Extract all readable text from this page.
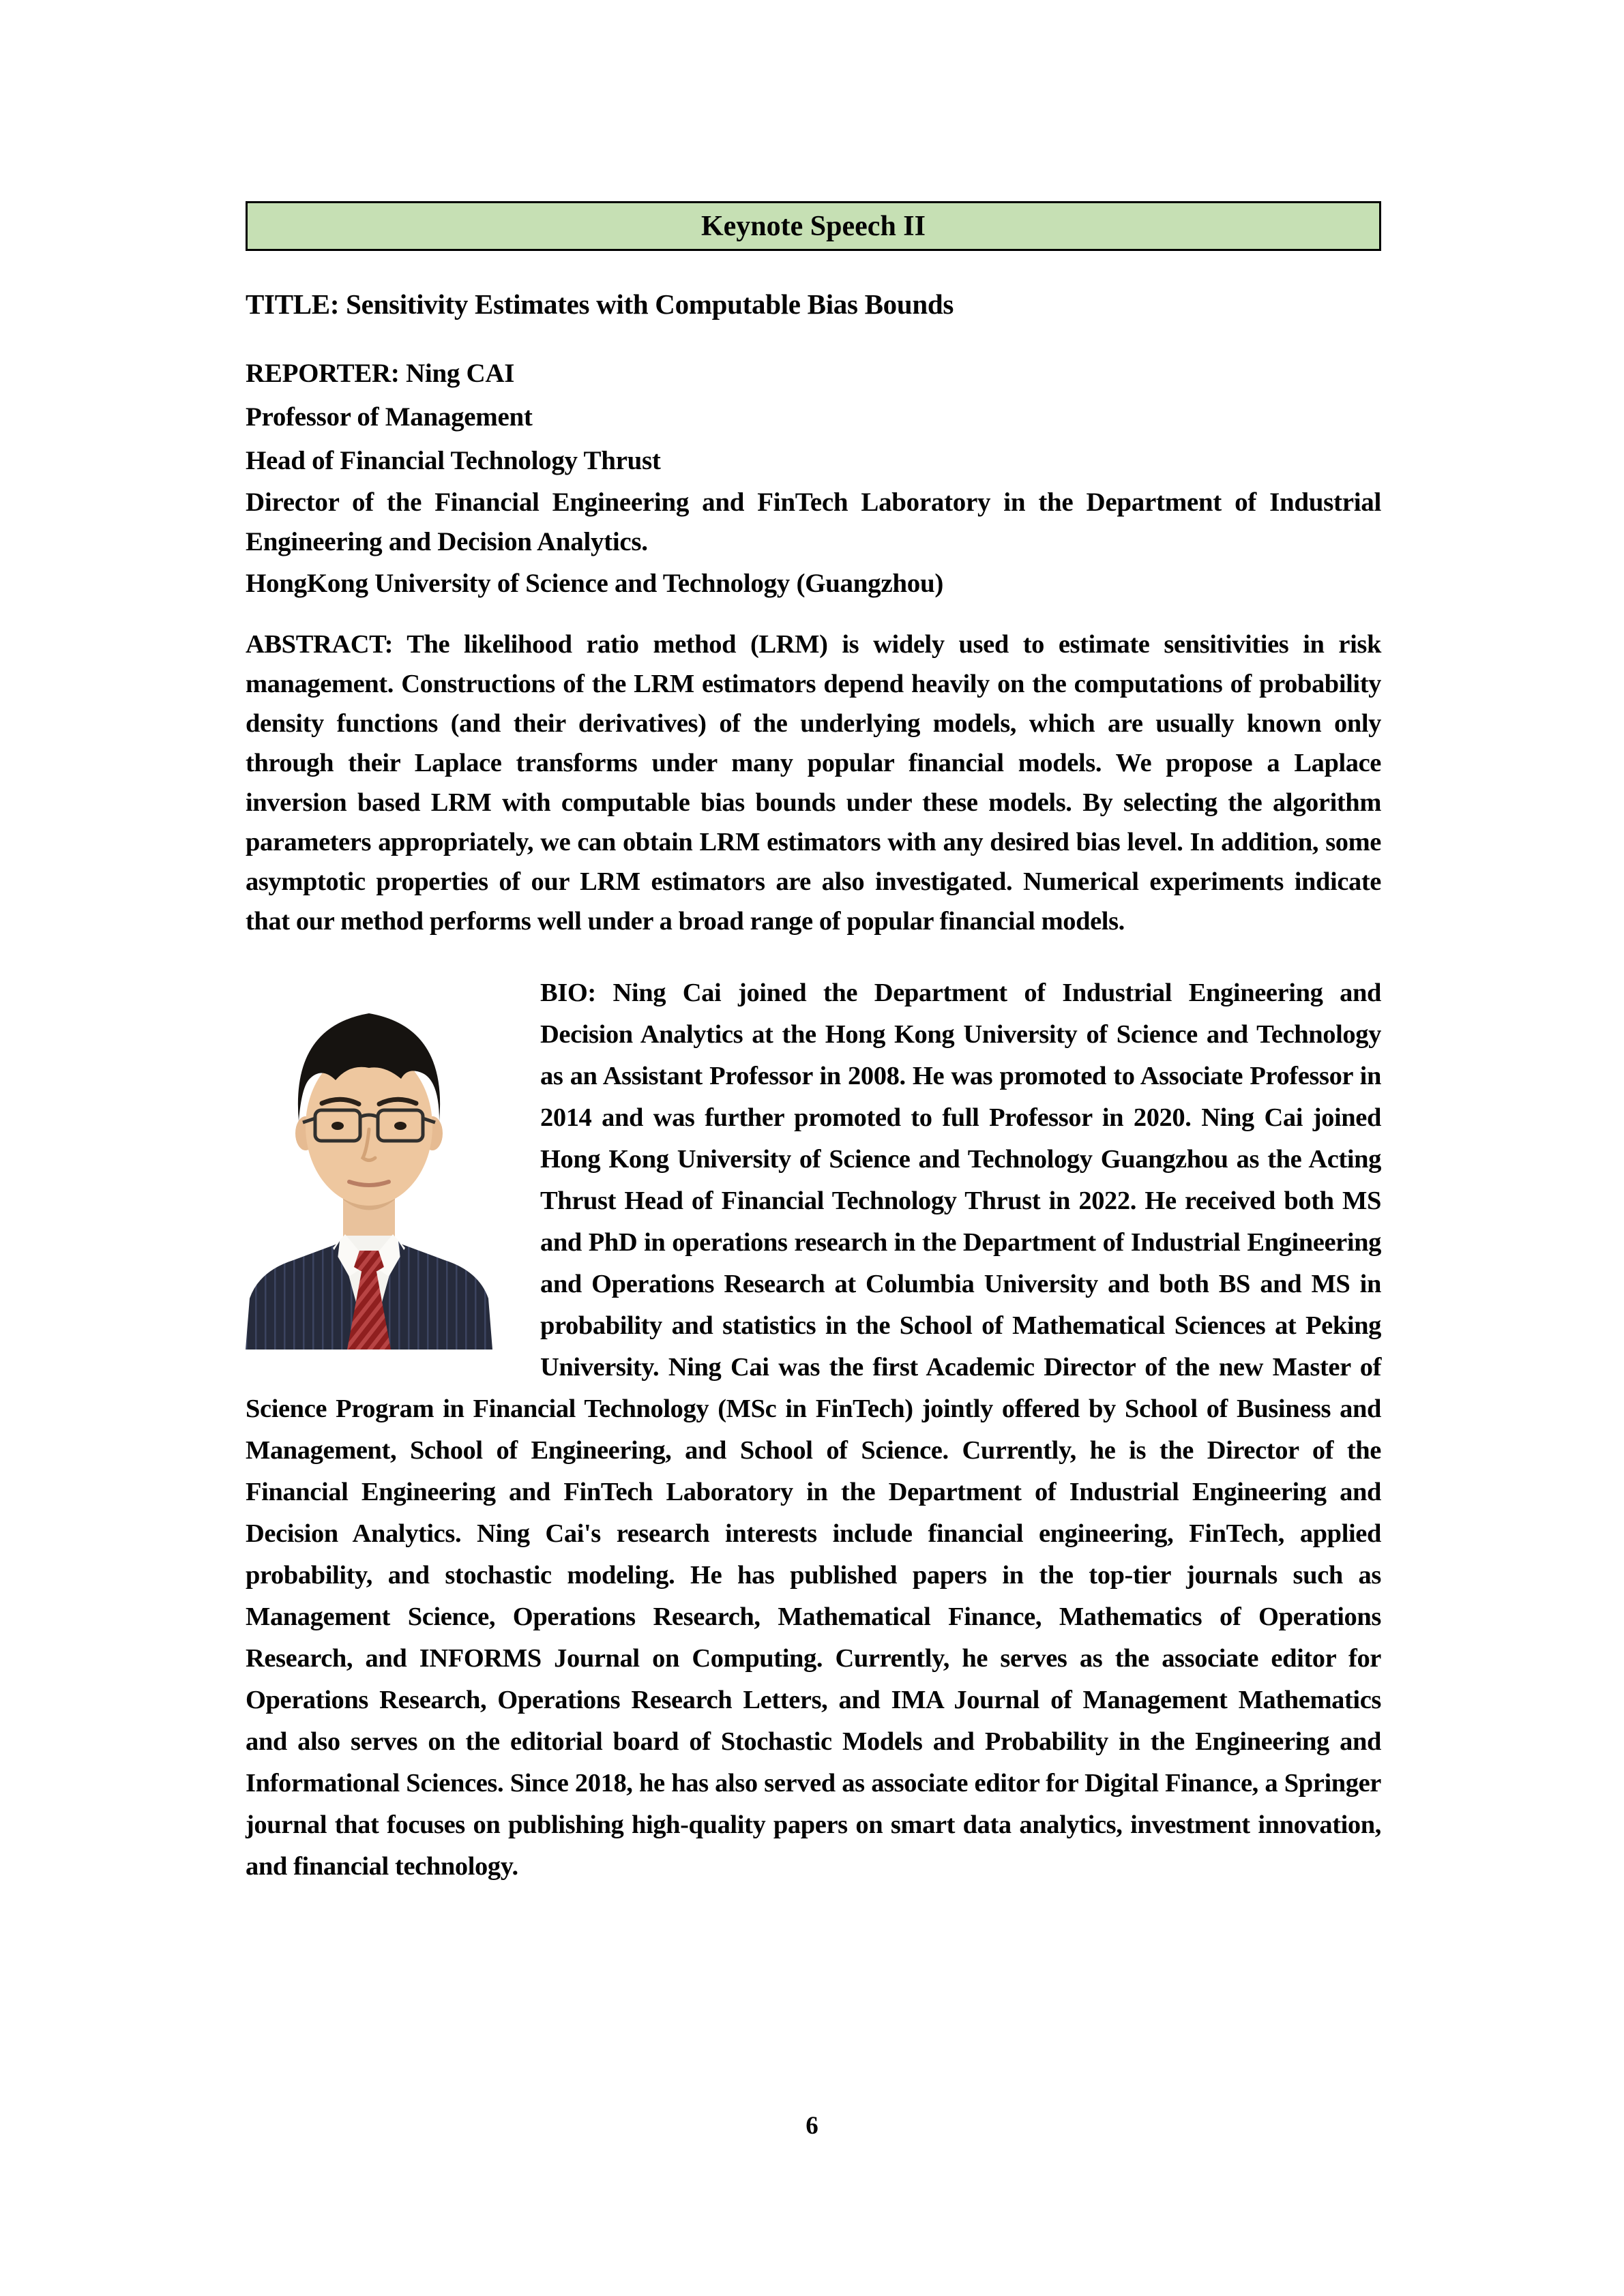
Keynote Speech II
TITLE: Sensitivity Estimates with Computable Bias Bounds
REPORTER: Ning CAI
Professor of Management
Head of Financial Technology Thrust
Director of the Financial Engineering and FinTech Laboratory in the Department of Industrial Engineering and Decision Analytics.
HongKong University of Science and Technology (Guangzhou)

ABSTRACT: The likelihood ratio method (LRM) is widely used to estimate sensitivities in risk management. Constructions of the LRM estimators depend heavily on the computations of probability density functions (and their derivatives) of the underlying models, which are usually known only through their Laplace transforms under many popular financial models. We propose a Laplace inversion based LRM with computable bias bounds under these models. By selecting the algorithm parameters appropriately, we can obtain LRM estimators with any desired bias level. In addition, some asymptotic properties of our LRM estimators are also investigated. Numerical experiments indicate that our method performs well under a broad range of popular financial models.

BIO: Ning Cai joined the Department of Industrial Engineering and Decision Analytics at the Hong Kong University of Science and Technology as an Assistant Professor in 2008. He was promoted to Associate Professor in 2014 and was further promoted to full Professor in 2020. Ning Cai joined Hong Kong University of Science and Technology Guangzhou as the Acting Thrust Head of Financial Technology Thrust in 2022. He received both MS and PhD in operations research in the Department of Industrial Engineering and Operations Research at Columbia University and both BS and MS in probability and statistics in the School of Mathematical Sciences at Peking University. Ning Cai was the first Academic Director of the new Master of Science Program in Financial Technology (MSc in FinTech) jointly offered by School of Business and Management, School of Engineering, and School of Science. Currently, he is the Director of the Financial Engineering and FinTech Laboratory in the Department of Industrial Engineering and Decision Analytics. Ning Cai's research interests include financial engineering, FinTech, applied probability, and stochastic modeling. He has published papers in the top-tier journals such as Management Science, Operations Research, Mathematical Finance, Mathematics of Operations Research, and INFORMS Journal on Computing. Currently, he serves as the associate editor for Operations Research, Operations Research Letters, and IMA Journal of Management Mathematics and also serves on the editorial board of Stochastic Models and Probability in the Engineering and Informational Sciences. Since 2018, he has also served as associate editor for Digital Finance, a Springer journal that focuses on publishing high-quality papers on smart data analytics, investment innovation, and financial technology.

6
